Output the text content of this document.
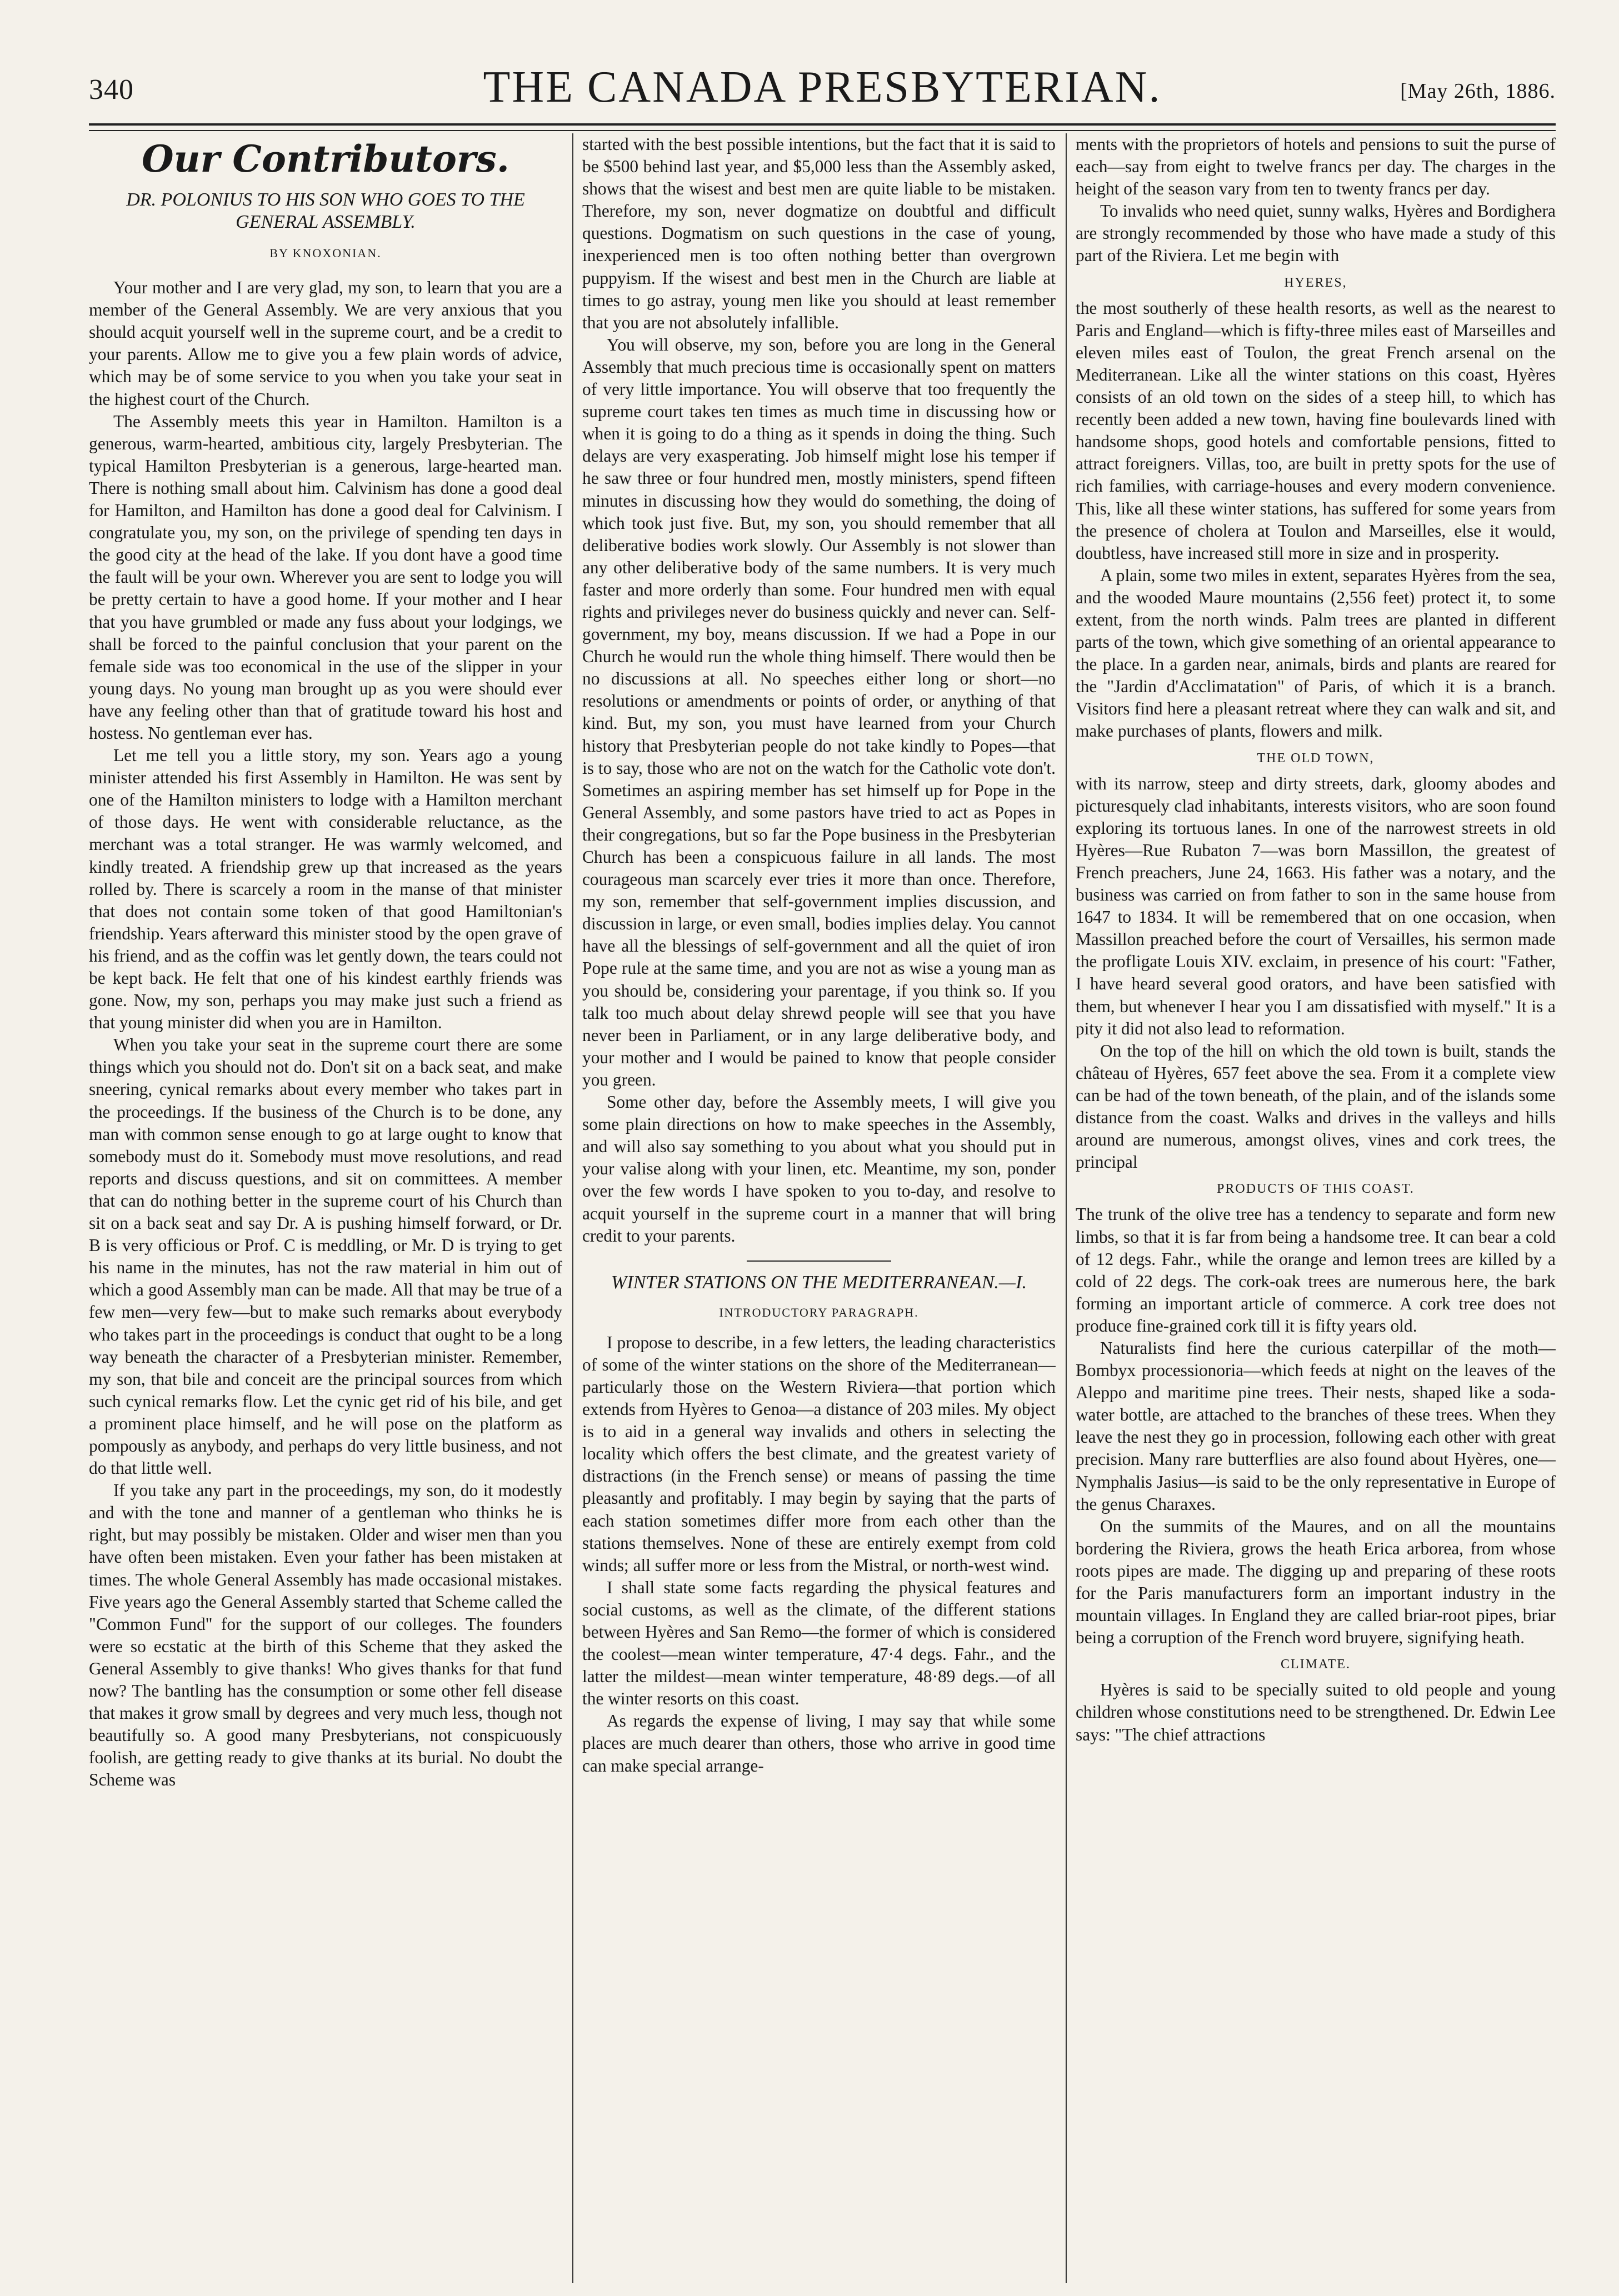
340	THE CANADA PRESBYTERIAN.	[May 26th, 1886.
Our Contributors.
DR. POLONIUS TO HIS SON WHO GOES TO THE GENERAL ASSEMBLY.
BY KNOXONIAN.

Your mother and I are very glad, my son, to learn that you are a member of the General Assembly. We are very anxious that you should acquit yourself well in the supreme court, and be a credit to your parents. Allow me to give you a few plain words of advice, which may be of some service to you when you take your seat in the highest court of the Church.

The Assembly meets this year in Hamilton. Hamilton is a generous, warm-hearted, ambitious city, largely Presbyterian. The typical Hamilton Presbyterian is a generous, large-hearted man. There is nothing small about him. Calvinism has done a good deal for Hamilton, and Hamilton has done a good deal for Calvinism. I congratulate you, my son, on the privilege of spending ten days in the good city at the head of the lake. If you dont have a good time the fault will be your own. Wherever you are sent to lodge you will be pretty certain to have a good home. If your mother and I hear that you have grumbled or made any fuss about your lodgings, we shall be forced to the painful conclusion that your parent on the female side was too economical in the use of the slipper in your young days. No young man brought up as you were should ever have any feeling other than that of gratitude toward his host and hostess. No gentleman ever has.

Let me tell you a little story, my son. Years ago a young minister attended his first Assembly in Hamilton. He was sent by one of the Hamilton ministers to lodge with a Hamilton merchant of those days. He went with considerable reluctance, as the merchant was a total stranger. He was warmly welcomed, and kindly treated. A friendship grew up that increased as the years rolled by. There is scarcely a room in the manse of that minister that does not contain some token of that good Hamiltonian's friendship. Years afterward this minister stood by the open grave of his friend, and as the coffin was let gently down, the tears could not be kept back. He felt that one of his kindest earthly friends was gone. Now, my son, perhaps you may make just such a friend as that young minister did when you are in Hamilton.

When you take your seat in the supreme court there are some things which you should not do. Don't sit on a back seat, and make sneering, cynical remarks about every member who takes part in the proceedings. If the business of the Church is to be done, any man with common sense enough to go at large ought to know that somebody must do it. Somebody must move resolutions, and read reports and discuss questions, and sit on committees. A member that can do nothing better in the supreme court of his Church than sit on a back seat and say Dr. A is pushing himself forward, or Dr. B is very officious or Prof. C is meddling, or Mr. D is trying to get his name in the minutes, has not the raw material in him out of which a good Assembly man can be made. All that may be true of a few men—very few—but to make such remarks about everybody who takes part in the proceedings is conduct that ought to be a long way beneath the character of a Presbyterian minister. Remember, my son, that bile and conceit are the principal sources from which such cynical remarks flow. Let the cynic get rid of his bile, and get a prominent place himself, and he will pose on the platform as pompously as anybody, and perhaps do very little business, and not do that little well.

If you take any part in the proceedings, my son, do it modestly and with the tone and manner of a gentleman who thinks he is right, but may possibly be mistaken. Older and wiser men than you have often been mistaken. Even your father has been mistaken at times. The whole General Assembly has made occasional mistakes. Five years ago the General Assembly started that Scheme called the "Common Fund" for the support of our colleges. The founders were so ecstatic at the birth of this Scheme that they asked the General Assembly to give thanks! Who gives thanks for that fund now? The bantling has the consumption or some other fell disease that makes it grow small by degrees and very much less, though not beautifully so. A good many Presbyterians, not conspicuously foolish, are getting ready to give thanks at its burial. No doubt the Scheme was

started with the best possible intentions, but the fact that it is said to be $500 behind last year, and $5,000 less than the Assembly asked, shows that the wisest and best men are quite liable to be mistaken. Therefore, my son, never dogmatize on doubtful and difficult questions. Dogmatism on such questions in the case of young, inexperienced men is too often nothing better than overgrown puppyism. If the wisest and best men in the Church are liable at times to go astray, young men like you should at least remember that you are not absolutely infallible.

You will observe, my son, before you are long in the General Assembly that much precious time is occasionally spent on matters of very little importance. You will observe that too frequently the supreme court takes ten times as much time in discussing how or when it is going to do a thing as it spends in doing the thing. Such delays are very exasperating. Job himself might lose his temper if he saw three or four hundred men, mostly ministers, spend fifteen minutes in discussing how they would do something, the doing of which took just five. But, my son, you should remember that all deliberative bodies work slowly. Our Assembly is not slower than any other deliberative body of the same numbers. It is very much faster and more orderly than some. Four hundred men with equal rights and privileges never do business quickly and never can. Self-government, my boy, means discussion. If we had a Pope in our Church he would run the whole thing himself. There would then be no discussions at all. No speeches either long or short—no resolutions or amendments or points of order, or anything of that kind. But, my son, you must have learned from your Church history that Presbyterian people do not take kindly to Popes—that is to say, those who are not on the watch for the Catholic vote don't. Sometimes an aspiring member has set himself up for Pope in the General Assembly, and some pastors have tried to act as Popes in their congregations, but so far the Pope business in the Presbyterian Church has been a conspicuous failure in all lands. The most courageous man scarcely ever tries it more than once. Therefore, my son, remember that self-government implies discussion, and discussion in large, or even small, bodies implies delay. You cannot have all the blessings of self-government and all the quiet of iron Pope rule at the same time, and you are not as wise a young man as you should be, considering your parentage, if you think so. If you talk too much about delay shrewd people will see that you have never been in Parliament, or in any large deliberative body, and your mother and I would be pained to know that people consider you green.

Some other day, before the Assembly meets, I will give you some plain directions on how to make speeches in the Assembly, and will also say something to you about what you should put in your valise along with your linen, etc. Meantime, my son, ponder over the few words I have spoken to you to-day, and resolve to acquit yourself in the supreme court in a manner that will bring credit to your parents.

WINTER STATIONS ON THE MEDITERRANEAN.—I.
INTRODUCTORY PARAGRAPH.

I propose to describe, in a few letters, the leading characteristics of some of the winter stations on the shore of the Mediterranean—particularly those on the Western Riviera—that portion which extends from Hyères to Genoa—a distance of 203 miles. My object is to aid in a general way invalids and others in selecting the locality which offers the best climate, and the greatest variety of distractions (in the French sense) or means of passing the time pleasantly and profitably. I may begin by saying that the parts of each station sometimes differ more from each other than the stations themselves. None of these are entirely exempt from cold winds; all suffer more or less from the Mistral, or north-west wind.

I shall state some facts regarding the physical features and social customs, as well as the climate, of the different stations between Hyères and San Remo—the former of which is considered the coolest—mean winter temperature, 47·4 degs. Fahr., and the latter the mildest—mean winter temperature, 48·89 degs.—of all the winter resorts on this coast.

As regards the expense of living, I may say that while some places are much dearer than others, those who arrive in good time can make special arrange-

ments with the proprietors of hotels and pensions to suit the purse of each—say from eight to twelve francs per day. The charges in the height of the season vary from ten to twenty francs per day.

To invalids who need quiet, sunny walks, Hyères and Bordighera are strongly recommended by those who have made a study of this part of the Riviera. Let me begin with

HYERES,

the most southerly of these health resorts, as well as the nearest to Paris and England—which is fifty-three miles east of Marseilles and eleven miles east of Toulon, the great French arsenal on the Mediterranean. Like all the winter stations on this coast, Hyères consists of an old town on the sides of a steep hill, to which has recently been added a new town, having fine boulevards lined with handsome shops, good hotels and comfortable pensions, fitted to attract foreigners. Villas, too, are built in pretty spots for the use of rich families, with carriage-houses and every modern convenience. This, like all these winter stations, has suffered for some years from the presence of cholera at Toulon and Marseilles, else it would, doubtless, have increased still more in size and in prosperity.

A plain, some two miles in extent, separates Hyères from the sea, and the wooded Maure mountains (2,556 feet) protect it, to some extent, from the north winds. Palm trees are planted in different parts of the town, which give something of an oriental appearance to the place. In a garden near, animals, birds and plants are reared for the "Jardin d'Acclimatation" of Paris, of which it is a branch. Visitors find here a pleasant retreat where they can walk and sit, and make purchases of plants, flowers and milk.

THE OLD TOWN,

with its narrow, steep and dirty streets, dark, gloomy abodes and picturesquely clad inhabitants, interests visitors, who are soon found exploring its tortuous lanes. In one of the narrowest streets in old Hyères—Rue Rubaton 7—was born Massillon, the greatest of French preachers, June 24, 1663. His father was a notary, and the business was carried on from father to son in the same house from 1647 to 1834. It will be remembered that on one occasion, when Massillon preached before the court of Versailles, his sermon made the profligate Louis XIV. exclaim, in presence of his court: "Father, I have heard several good orators, and have been satisfied with them, but whenever I hear you I am dissatisfied with myself." It is a pity it did not also lead to reformation.

On the top of the hill on which the old town is built, stands the château of Hyères, 657 feet above the sea. From it a complete view can be had of the town beneath, of the plain, and of the islands some distance from the coast. Walks and drives in the valleys and hills around are numerous, amongst olives, vines and cork trees, the principal

PRODUCTS OF THIS COAST.

The trunk of the olive tree has a tendency to separate and form new limbs, so that it is far from being a handsome tree. It can bear a cold of 12 degs. Fahr., while the orange and lemon trees are killed by a cold of 22 degs. The cork-oak trees are numerous here, the bark forming an important article of commerce. A cork tree does not produce fine-grained cork till it is fifty years old.

Naturalists find here the curious caterpillar of the moth—Bombyx processionoria—which feeds at night on the leaves of the Aleppo and maritime pine trees. Their nests, shaped like a soda-water bottle, are attached to the branches of these trees. When they leave the nest they go in procession, following each other with great precision. Many rare butterflies are also found about Hyères, one—Nymphalis Jasius—is said to be the only representative in Europe of the genus Charaxes.

On the summits of the Maures, and on all the mountains bordering the Riviera, grows the heath Erica arborea, from whose roots pipes are made. The digging up and preparing of these roots for the Paris manufacturers form an important industry in the mountain villages. In England they are called briar-root pipes, briar being a corruption of the French word bruyere, signifying heath.

CLIMATE.

Hyères is said to be specially suited to old people and young children whose constitutions need to be strengthened. Dr. Edwin Lee says: "The chief attractions
